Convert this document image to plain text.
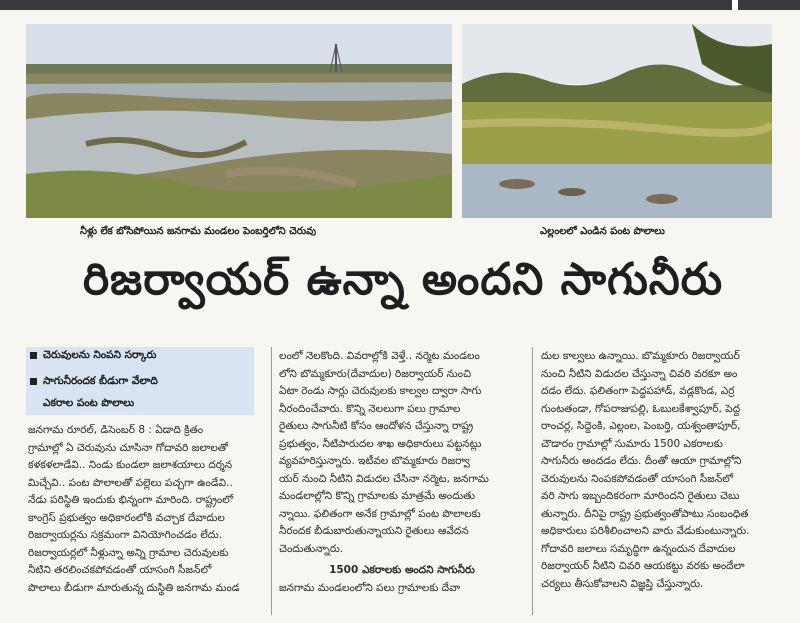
నీళ్లు లేక బోసిపోయిన జనగామ మండలం పెంబర్తిలోని చెరువు	ఎల్లంలలో ఎండిన పంట పొలాలు
రిజర్వాయర్ ఉన్నా అందని సాగునీరు
చెరువులను నింపని సర్కారు
సాగునీరందక బీడుగా వేలాది
ఎకరాల పంట పొలాలు

జనగామ రూరల్, డిసెంబర్ 8 : ఏడాది క్రితం

గ్రామాల్లో ఏ చెరువును చూసినా గోదావరి జలాలతో

కళకళలాడేవి.. నిండు కుండలా జలాశయాలు దర్శన

మిచ్చేవి.. పంట పొలాలతో పల్లెలు పచ్చగా ఉండేవి..

నేడు పరిస్థితి ఇందుకు భిన్నంగా మారింది. రాష్ట్రంలో

కాంగ్రెస్ ప్రభుత్వం అధికారంలోకి వచ్చాక దేవాదుల

రిజర్వాయర్లను సక్రమంగా వినియోగించడం లేదు.

రిజర్వాయర్లలో నీళ్లున్నా అన్ని గ్రామాల చెరువులకు

నీటిని తరలించకపోవడంతో యాసంగి సీజన్‌లో

పొలాలు బీడుగా మారుతున్న దుస్థితి జనగామ మండ

లంలో నెలకొంది. వివరాల్లోకి వెళ్తే.. నర్మెట మండలం

లోని బొమ్మకూరు(దేవాదుల) రిజర్వాయర్ నుంచి

ఏటా రెండు సార్లు చెరువులకు కాల్వల ద్వారా సాగు

నీరందించేవారు. కొన్ని నెలలుగా పలు గ్రామాల

రైతులు సాగునీటి కోసం ఆందోళన చేస్తున్నా రాష్ట్ర

ప్రభుత్వం, నీటిపారుదల శాఖ అధికారులు పట్టనట్లు

వ్యవహరిస్తున్నారు. ఇటీవల బొమ్మకూరు రిజర్వా

యర్ నుంచి నీటిని విడుదల చేసినా నర్మెట, జనగామ

మండలాల్లోని కొన్ని గ్రామాలకు మాత్రమే అందుతు

న్నాయి. ఫలితంగా అనేక గ్రామాల్లో పంట పొలాలకు

నీరందక బీడుబారుతున్నాయని రైతులు ఆవేదన

చెందుతున్నారు.

1500 ఎకరాలకు అందని సాగునీరు

జనగామ మండలంలోని పలు గ్రామాలకు దేవా

దుల కాల్వలు ఉన్నాయి. బొమ్మకూరు రిజర్వాయర్

నుంచి నీటిని విడుదల చేస్తున్నా చివరి వరకూ అం

దడం లేదు. ఫలితంగా పెద్దపహాడ్, వడ్లకొండ, ఎర్ర

గుంటతండా, గోపరాజుపల్లి, ఓబులకేశ్వాపూర్, పెద్ద

రాంచర్ల, సిద్దెంకి, ఎల్లంల, పెంబర్తి, యశ్వంతాపూర్,

చౌడారం గ్రామాల్లో సుమారు 1500 ఎకరాలకు

సాగునీరు అందడం లేదు. దీంతో ఆయా గ్రామాల్లోని

చెరువులను నింపకపోవడంతో యాసంగి సీజన్‌లో

వరి సాగు ఇబ్బందికరంగా మారిందని రైతులు చెబు

తున్నారు. దీనిపై రాష్ట్ర ప్రభుత్వంతోపాటు సంబంధిత

అధికారులు పరిశీలించాలని వారు వేడుకుంటున్నారు.

గోదావరి జలాలు సమృద్ధిగా ఉన్నందున దేవాదుల

రిజర్వాయర్ నీటిని చివరి ఆయకట్టు వరకు అందేలా

చర్యలు తీసుకోవాలని విజ్ఞప్తి చేస్తున్నారు.
